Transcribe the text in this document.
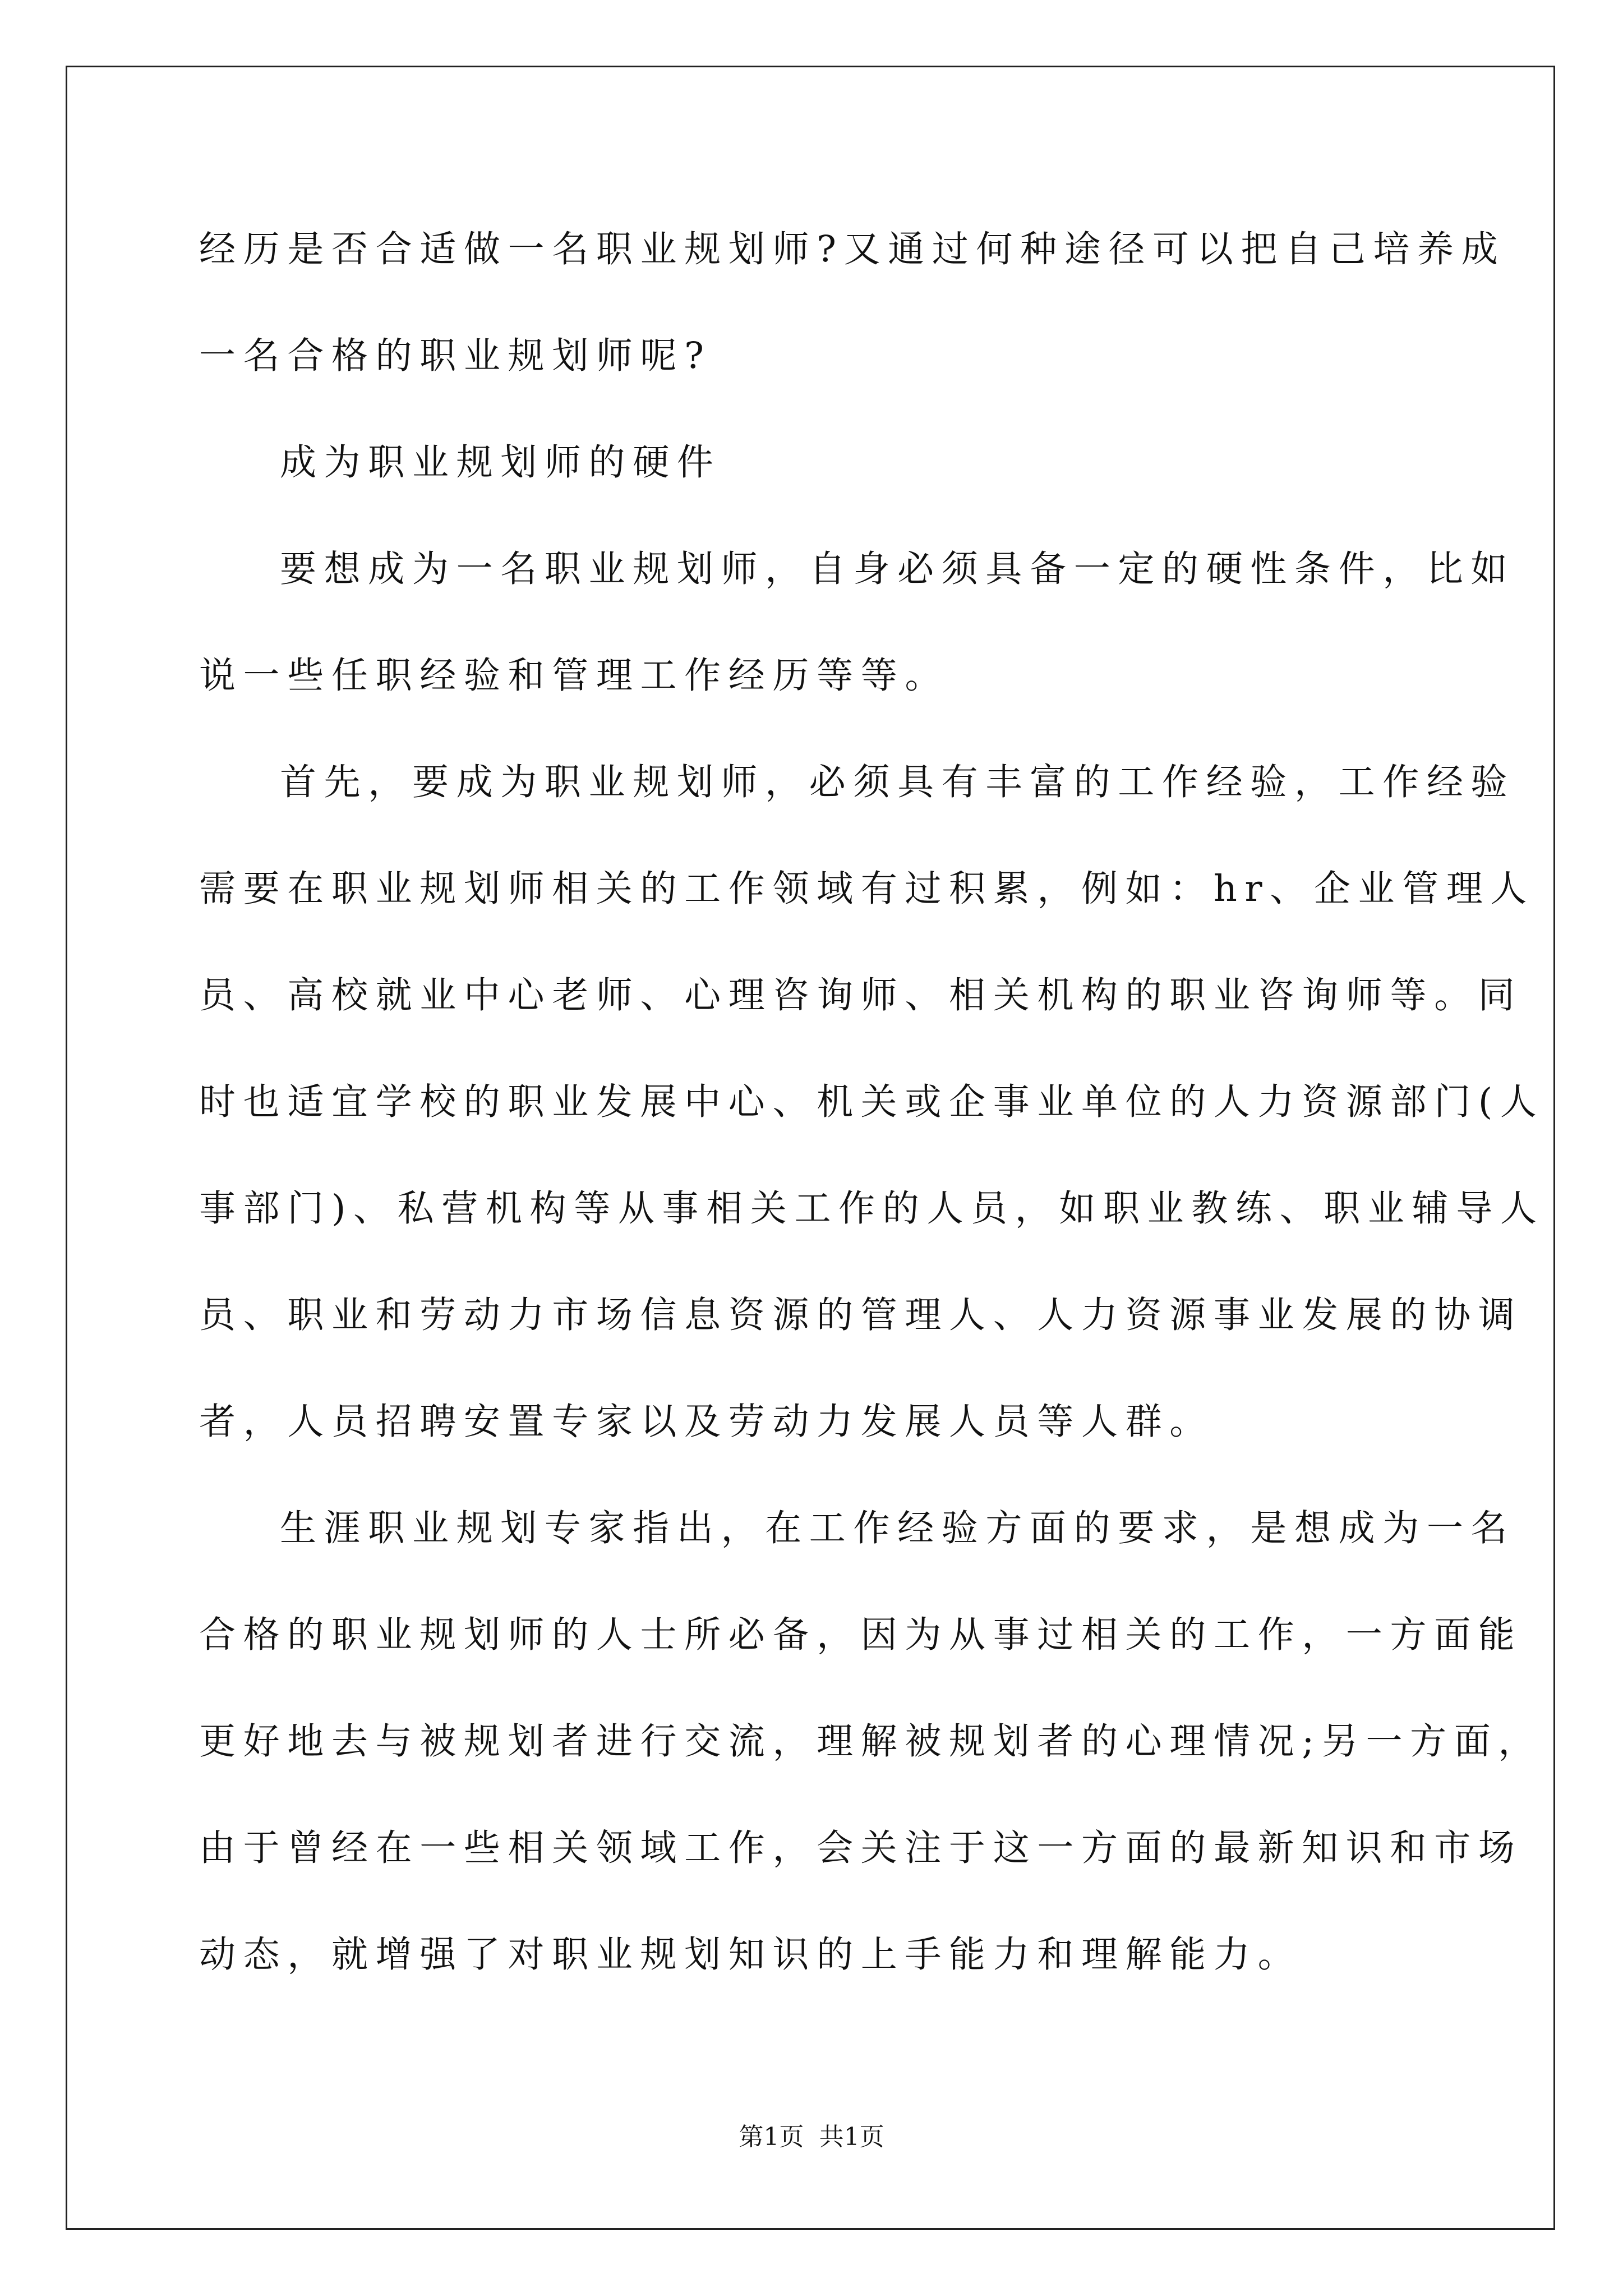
经历是否合适做一名职业规划师?又通过何种途径可以把自己培养成
一名合格的职业规划师呢?
成为职业规划师的硬件
要想成为一名职业规划师，自身必须具备一定的硬性条件，比如
说一些任职经验和管理工作经历等等。
首先，要成为职业规划师，必须具有丰富的工作经验，工作经验
需要在职业规划师相关的工作领域有过积累，例如：hr、企业管理人
员、高校就业中心老师、心理咨询师、相关机构的职业咨询师等。同
时也适宜学校的职业发展中心、机关或企事业单位的人力资源部门(人
事部门)、私营机构等从事相关工作的人员，如职业教练、职业辅导人
员、职业和劳动力市场信息资源的管理人、人力资源事业发展的协调
者，人员招聘安置专家以及劳动力发展人员等人群。
生涯职业规划专家指出，在工作经验方面的要求，是想成为一名
合格的职业规划师的人士所必备，因为从事过相关的工作，一方面能
更好地去与被规划者进行交流，理解被规划者的心理情况;另一方面，
由于曾经在一些相关领域工作，会关注于这一方面的最新知识和市场
动态，就增强了对职业规划知识的上手能力和理解能力。
第1页 共1页
